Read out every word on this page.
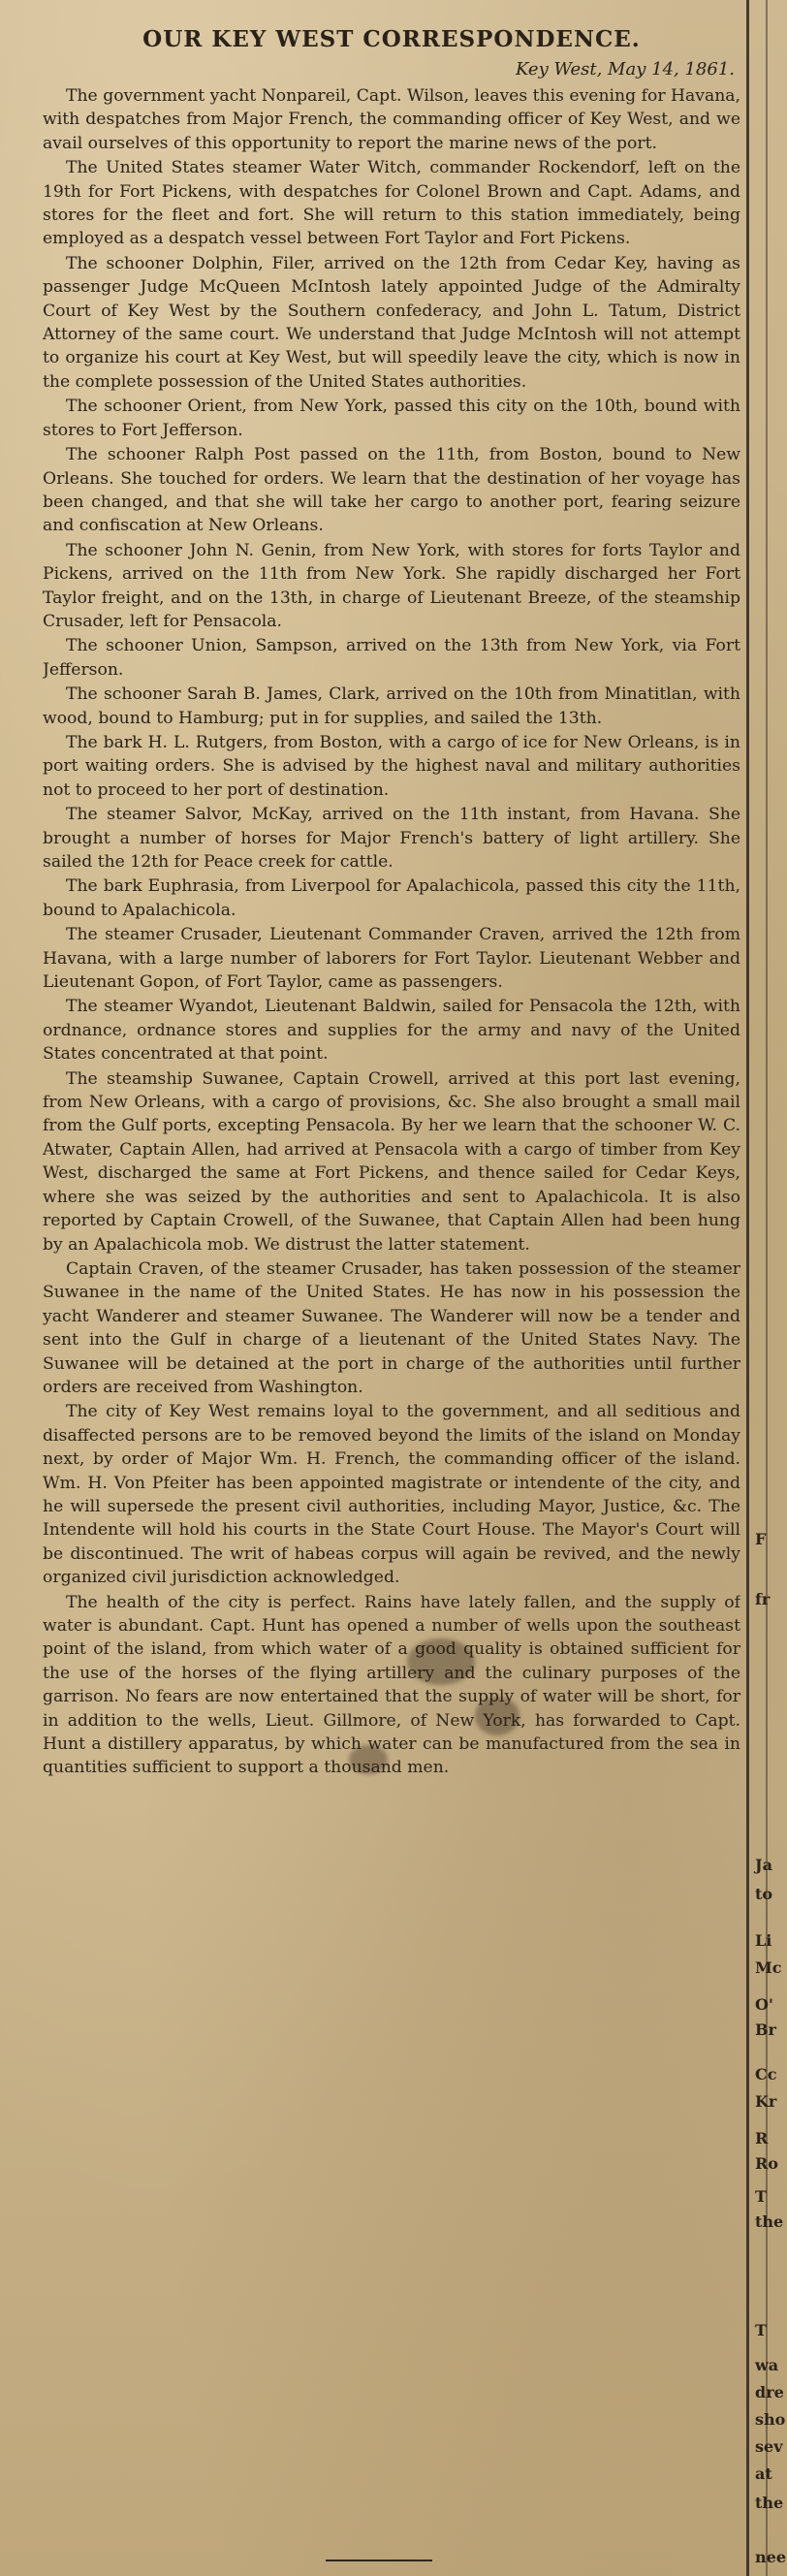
OUR KEY WEST CORRESPONDENCE.
Key West, May 14, 1861.

The government yacht Nonpareil, Capt. Wilson, leaves this evening for Havana, with despatches from Major French, the commanding officer of Key West, and we avail ourselves of this opportunity to report the marine news of the port.

The United States steamer Water Witch, commander Rockendorf, left on the 19th for Fort Pickens, with despatches for Colonel Brown and Capt. Adams, and stores for the fleet and fort. She will return to this station immediately, being employed as a despatch vessel between Fort Taylor and Fort Pickens.

The schooner Dolphin, Filer, arrived on the 12th from Cedar Key, having as passenger Judge McQueen McIntosh lately appointed Judge of the Admiralty Court of Key West by the Southern confederacy, and John L. Tatum, District Attorney of the same court. We understand that Judge McIntosh will not attempt to organize his court at Key West, but will speedily leave the city, which is now in the complete possession of the United States authorities.

The schooner Orient, from New York, passed this city on the 10th, bound with stores to Fort Jefferson.

The schooner Ralph Post passed on the 11th, from Boston, bound to New Orleans. She touched for orders. We learn that the destination of her voyage has been changed, and that she will take her cargo to another port, fearing seizure and confiscation at New Orleans.

The schooner John N. Genin, from New York, with stores for forts Taylor and Pickens, arrived on the 11th from New York. She rapidly discharged her Fort Taylor freight, and on the 13th, in charge of Lieutenant Breeze, of the steamship Crusader, left for Pensacola.

The schooner Union, Sampson, arrived on the 13th from New York, via Fort Jefferson.

The schooner Sarah B. James, Clark, arrived on the 10th from Minatitlan, with wood, bound to Hamburg; put in for supplies, and sailed the 13th.

The bark H. L. Rutgers, from Boston, with a cargo of ice for New Orleans, is in port waiting orders. She is advised by the highest naval and military authorities not to proceed to her port of destination.

The steamer Salvor, McKay, arrived on the 11th instant, from Havana. She brought a number of horses for Major French's battery of light artillery. She sailed the 12th for Peace creek for cattle.

The bark Euphrasia, from Liverpool for Apalachicola, passed this city the 11th, bound to Apalachicola.

The steamer Crusader, Lieutenant Commander Craven, arrived the 12th from Havana, with a large number of laborers for Fort Taylor. Lieutenant Webber and Lieutenant Gopon, of Fort Taylor, came as passengers.

The steamer Wyandot, Lieutenant Baldwin, sailed for Pensacola the 12th, with ordnance, ordnance stores and supplies for the army and navy of the United States concentrated at that point.

The steamship Suwanee, Captain Crowell, arrived at this port last evening, from New Orleans, with a cargo of provisions, &c. She also brought a small mail from the Gulf ports, excepting Pensacola. By her we learn that the schooner W. C. Atwater, Captain Allen, had arrived at Pensacola with a cargo of timber from Key West, discharged the same at Fort Pickens, and thence sailed for Cedar Keys, where she was seized by the authorities and sent to Apalachicola. It is also reported by Captain Crowell, of the Suwanee, that Captain Allen had been hung by an Apalachicola mob. We distrust the latter statement.

Captain Craven, of the steamer Crusader, has taken possession of the steamer Suwanee in the name of the United States. He has now in his possession the yacht Wanderer and steamer Suwanee. The Wanderer will now be a tender and sent into the Gulf in charge of a lieutenant of the United States Navy. The Suwanee will be detained at the port in charge of the authorities until further orders are received from Washington.

The city of Key West remains loyal to the government, and all seditious and disaffected persons are to be removed beyond the limits of the island on Monday next, by order of Major Wm. H. French, the commanding officer of the island. Wm. H. Von Pfeiter has been appointed magistrate or intendente of the city, and he will supersede the present civil authorities, including Mayor, Justice, &c. The Intendente will hold his courts in the State Court House. The Mayor's Court will be discontinued. The writ of habeas corpus will again be revived, and the newly organized civil jurisdiction acknowledged.

The health of the city is perfect. Rains have lately fallen, and the supply of water is abundant. Capt. Hunt has opened a number of wells upon the southeast point of the island, from which water of a good quality is obtained sufficient for the use of the horses of the flying artillery and the culinary purposes of the garrison. No fears are now entertained that the supply of water will be short, for in addition to the wells, Lieut. Gillmore, of New York, has forwarded to Capt. Hunt a distillery apparatus, by which water can be manufactured from the sea in quantities sufficient to support a thousand men.

F
fr
Ja
to
Li
Mc
O'
Br
Cc
Kr
R
Ro
T
the
T
wa
dre
sho
sev
at
the
nee
